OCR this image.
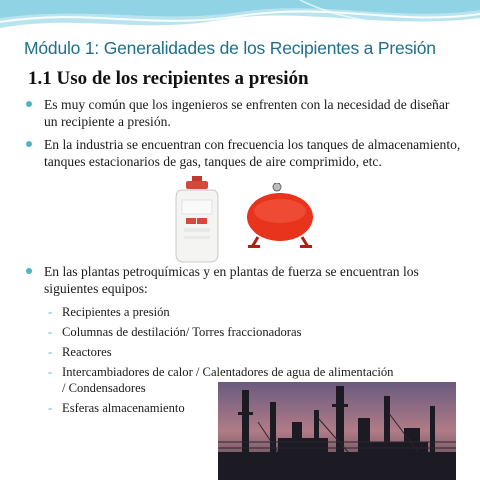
Módulo 1: Generalidades de los Recipientes a Presión
1.1 Uso de los recipientes a presión
Es muy común que los ingenieros se enfrenten con la necesidad de diseñar un recipiente a presión.
En la industria se encuentran con frecuencia los tanques de almacenamiento, tanques estacionarios de gas, tanques de aire comprimido, etc.
En las plantas petroquímicas y en plantas de fuerza se encuentran los siguientes equipos:
- Recipientes a presión
- Columnas de destilación/ Torres fraccionadoras
- Reactores
- Intercambiadores de calor / Calentadores de agua de alimentación / Condensadores
- Esferas almacenamiento
